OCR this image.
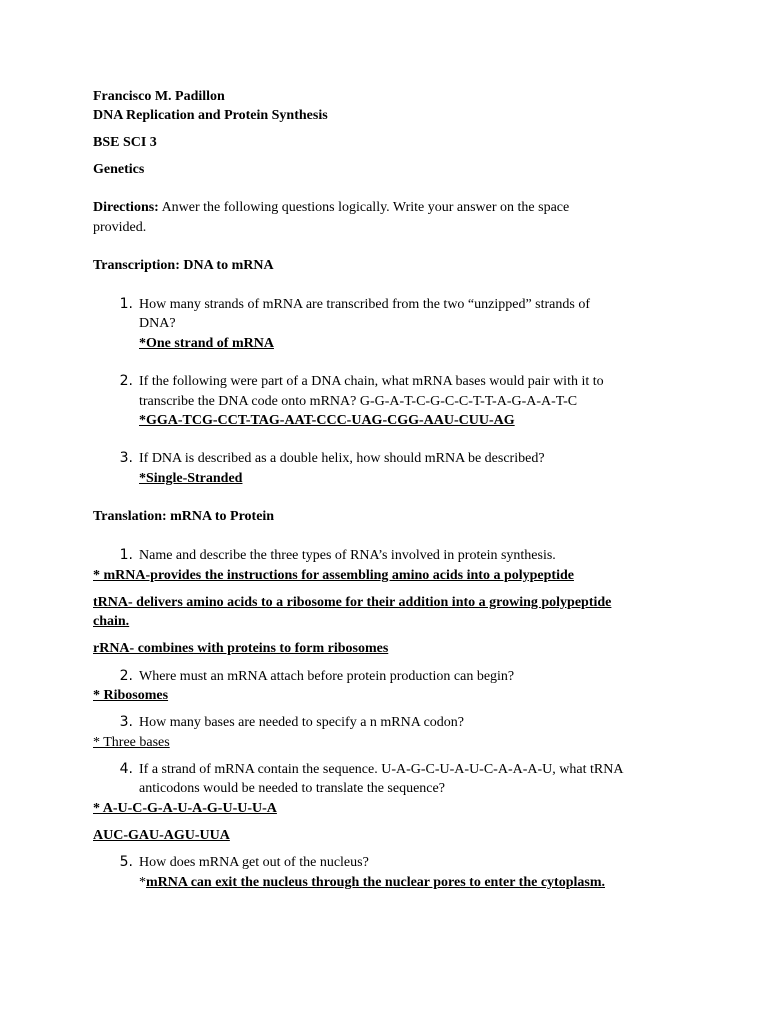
Francisco M. Padillon
DNA Replication and Protein Synthesis
BSE SCI 3
Genetics
Directions: Anwer the following questions logically. Write your answer on the space
provided.
Transcription: DNA to mRNA
1. How many strands of mRNA are transcribed from the two “unzipped” strands of
DNA?
*One strand of mRNA
2. If the following were part of a DNA chain, what mRNA bases would pair with it to
transcribe the DNA code onto mRNA? G-G-A-T-C-G-C-C-T-T-A-G-A-A-T-C
*GGA-TCG-CCT-TAG-AAT-CCC-UAG-CGG-AAU-CUU-AG
3. If DNA is described as a double helix, how should mRNA be described?
*Single-Stranded
Translation: mRNA to Protein
1. Name and describe the three types of RNA’s involved in protein synthesis.
* mRNA-provides the instructions for assembling amino acids into a polypeptide
tRNA- delivers amino acids to a ribosome for their addition into a growing polypeptide
chain.
rRNA- combines with proteins to form ribosomes
2. Where must an mRNA attach before protein production can begin?
* Ribosomes
3. How many bases are needed to specify a n mRNA codon?
* Three bases
4. If a strand of mRNA contain the sequence. U-A-G-C-U-A-U-C-A-A-A-U, what tRNA
anticodons would be needed to translate the sequence?
* A-U-C-G-A-U-A-G-U-U-U-A
AUC-GAU-AGU-UUA
5. How does mRNA get out of the nucleus?
*mRNA can exit the nucleus through the nuclear pores to enter the cytoplasm.
